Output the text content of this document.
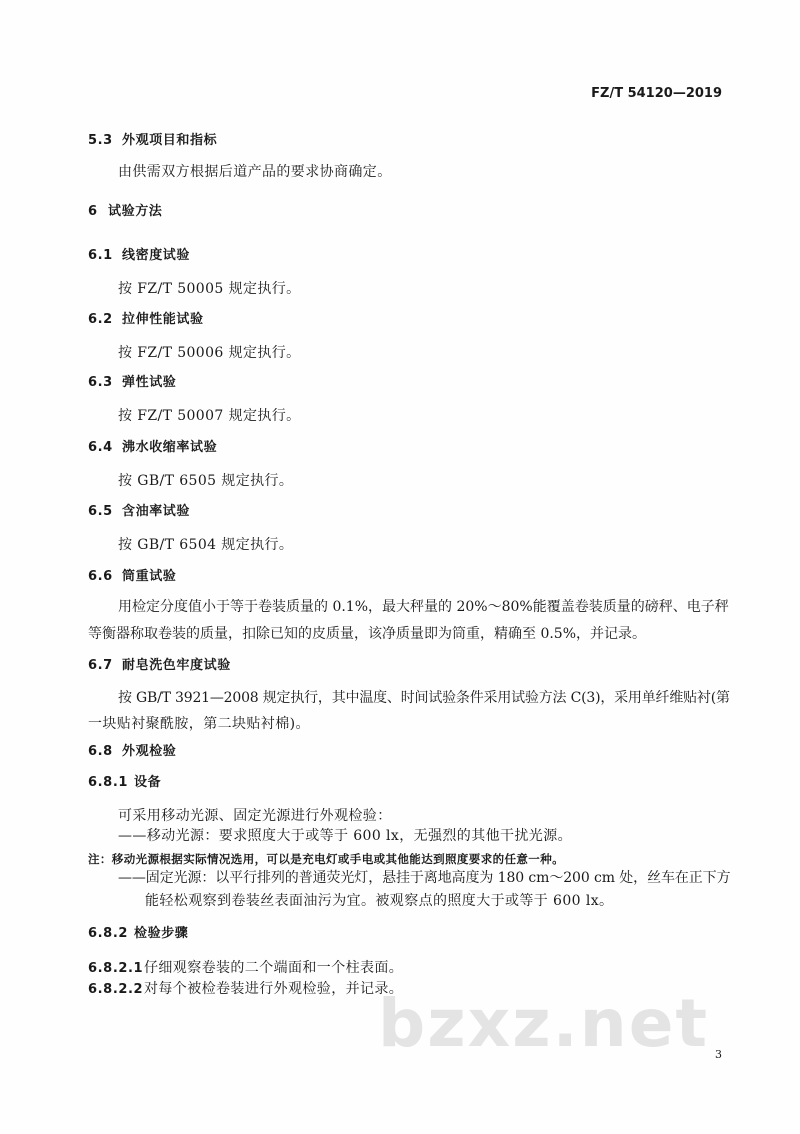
FZ/T 54120—2019
5.3 外观项目和指标
由供需双方根据后道产品的要求协商确定。
6 试验方法
6.1 线密度试验
按 FZ/T 50005 规定执行。
6.2 拉伸性能试验
按 FZ/T 50006 规定执行。
6.3 弹性试验
按 FZ/T 50007 规定执行。
6.4 沸水收缩率试验
按 GB/T 6505 规定执行。
6.5 含油率试验
按 GB/T 6504 规定执行。
6.6 筒重试验
用检定分度值小于等于卷装质量的 0.1%，最大秤量的 20%～80%能覆盖卷装质量的磅秤、电子秤
等衡器称取卷装的质量，扣除已知的皮质量，该净质量即为筒重，精确至 0.5%，并记录。
6.7 耐皂洗色牢度试验
按 GB/T 3921—2008 规定执行，其中温度、时间试验条件采用试验方法 C(3)，采用单纤维贴衬(第
一块贴衬聚酰胺，第二块贴衬棉)。
6.8 外观检验
6.8.1 设备
可采用移动光源、固定光源进行外观检验：
——移动光源：要求照度大于或等于 600 lx，无强烈的其他干扰光源。
注：移动光源根据实际情况选用，可以是充电灯或手电或其他能达到照度要求的任意一种。
——固定光源：以平行排列的普通荧光灯，悬挂于离地高度为 180 cm～200 cm 处，丝车在正下方
能轻松观察到卷装丝表面油污为宜。被观察点的照度大于或等于 600 lx。
6.8.2 检验步骤
6.8.2.1仔细观察卷装的二个端面和一个柱表面。
6.8.2.2对每个被检卷装进行外观检验，并记录。
bzxz.net 3
